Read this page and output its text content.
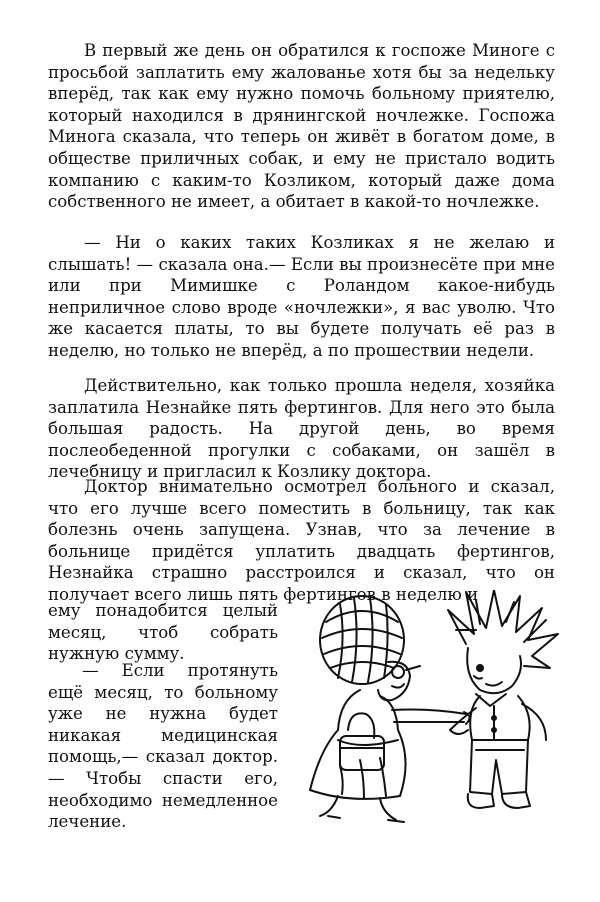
В первый же день он обратился к госпоже Миноге с просьбой заплатить ему жалованье хотя бы за недельку вперёд, так как ему нужно помочь больному приятелю, который находился в дрянингской ночлежке. Госпожа Минога сказала, что теперь он живёт в богатом доме, в обществе приличных собак, и ему не пристало водить компанию с каким-то Козликом, который даже дома собственного не имеет, а обитает в какой-то ночлежке.

— Ни о каких таких Козликах я не желаю и слышать! — сказала она.— Если вы произнесёте при мне или при Мимишке с Роландом какое-нибудь неприличное слово вроде «ночлежки», я вас уволю. Что же касается платы, то вы будете получать её раз в неделю, но только не вперёд, а по прошествии недели.

Действительно, как только прошла неделя, хозяйка заплатила Незнайке пять фертингов. Для него это была большая радость. На другой день, во время послеобеденной прогулки с собаками, он зашёл в лечебницу и пригласил к Козлику доктора.

Доктор внимательно осмотрел больного и сказал, что его лучше всего поместить в больницу, так как болезнь очень запущена. Узнав, что за лечение в больнице придётся уплатить двадцать фертингов, Незнайка страшно расстроился и сказал, что он получает всего лишь пять фертингов в неделю и

ему понадобится целый месяц, чтоб собрать нужную сумму.

— Если протянуть ещё месяц, то больному уже не нужна будет никакая медицинская помощь,— сказал доктор.— Чтобы спасти его, необходимо немедленное лечение.
